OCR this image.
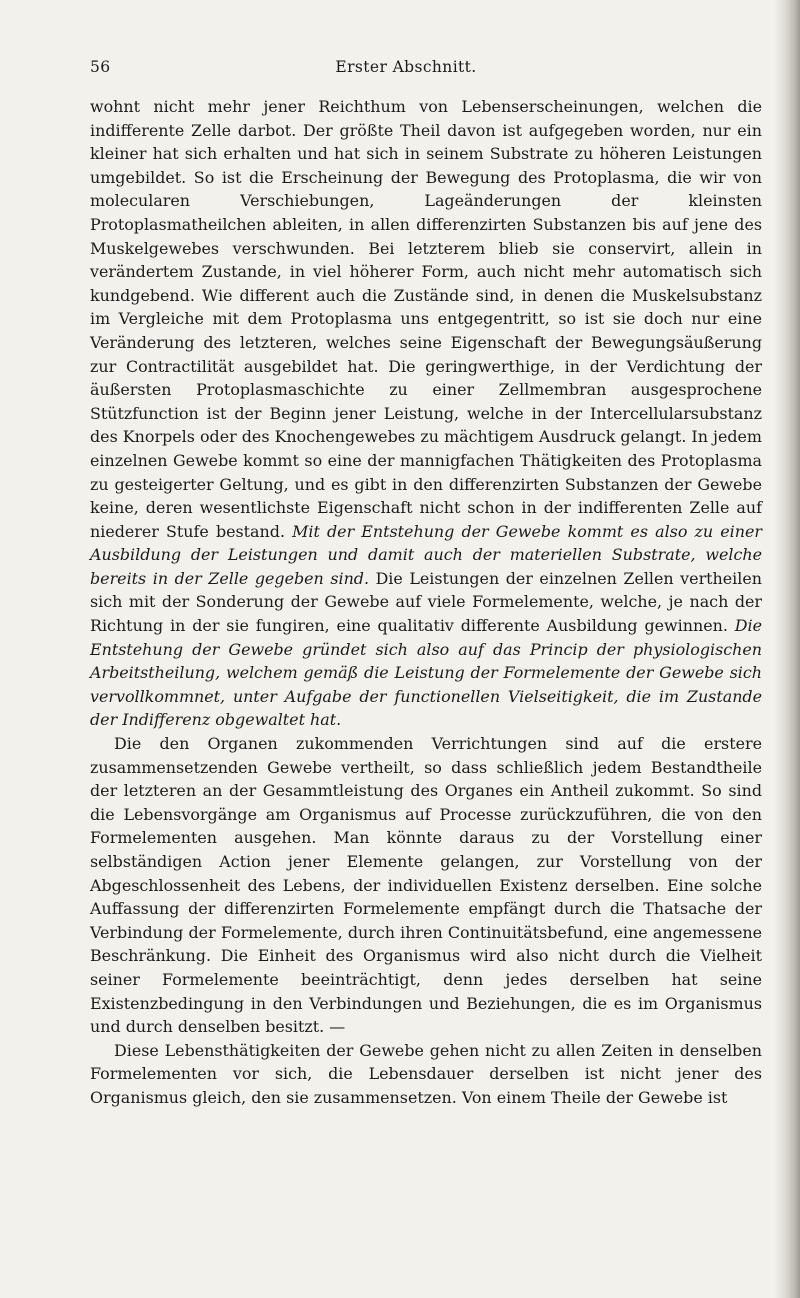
56	Erster Abschnitt.

wohnt nicht mehr jener Reichthum von Lebenserscheinungen, welchen die indifferente Zelle darbot. Der größte Theil davon ist aufgegeben worden, nur ein kleiner hat sich erhalten und hat sich in seinem Substrate zu höheren Leistungen umgebildet. So ist die Erscheinung der Bewegung des Protoplasma, die wir von molecularen Verschiebungen, Lageänderungen der kleinsten Protoplasmatheilchen ableiten, in allen differenzirten Substanzen bis auf jene des Muskelgewebes verschwunden. Bei letzterem blieb sie conservirt, allein in verändertem Zustande, in viel höherer Form, auch nicht mehr automatisch sich kundgebend. Wie different auch die Zustände sind, in denen die Muskelsubstanz im Vergleiche mit dem Protoplasma uns entgegentritt, so ist sie doch nur eine Veränderung des letzteren, welches seine Eigenschaft der Bewegungsäußerung zur Contractilität ausgebildet hat. Die geringwerthige, in der Verdichtung der äußersten Protoplasmaschichte zu einer Zellmembran ausgesprochene Stützfunction ist der Beginn jener Leistung, welche in der Intercellularsubstanz des Knorpels oder des Knochengewebes zu mächtigem Ausdruck gelangt. In jedem einzelnen Gewebe kommt so eine der mannigfachen Thätigkeiten des Protoplasma zu gesteigerter Geltung, und es gibt in den differenzirten Substanzen der Gewebe keine, deren wesentlichste Eigenschaft nicht schon in der indifferenten Zelle auf niederer Stufe bestand. Mit der Entstehung der Gewebe kommt es also zu einer Ausbildung der Leistungen und damit auch der materiellen Substrate, welche bereits in der Zelle gegeben sind. Die Leistungen der einzelnen Zellen vertheilen sich mit der Sonderung der Gewebe auf viele Formelemente, welche, je nach der Richtung in der sie fungiren, eine qualitativ differente Ausbildung gewinnen. Die Entstehung der Gewebe gründet sich also auf das Princip der physiologischen Arbeitstheilung, welchem gemäß die Leistung der Formelemente der Gewebe sich vervollkommnet, unter Aufgabe der functionellen Vielseitigkeit, die im Zustande der Indifferenz obgewaltet hat.

Die den Organen zukommenden Verrichtungen sind auf die erstere zusammensetzenden Gewebe vertheilt, so dass schließlich jedem Bestandtheile der letzteren an der Gesammtleistung des Organes ein Antheil zukommt. So sind die Lebensvorgänge am Organismus auf Processe zurückzuführen, die von den Formelementen ausgehen. Man könnte daraus zu der Vorstellung einer selbständigen Action jener Elemente gelangen, zur Vorstellung von der Abgeschlossenheit des Lebens, der individuellen Existenz derselben. Eine solche Auffassung der differenzirten Formelemente empfängt durch die Thatsache der Verbindung der Formelemente, durch ihren Continuitätsbefund, eine angemessene Beschränkung. Die Einheit des Organismus wird also nicht durch die Vielheit seiner Formelemente beeinträchtigt, denn jedes derselben hat seine Existenzbedingung in den Verbindungen und Beziehungen, die es im Organismus und durch denselben besitzt. —

Diese Lebensthätigkeiten der Gewebe gehen nicht zu allen Zeiten in denselben Formelementen vor sich, die Lebensdauer derselben ist nicht jener des Organismus gleich, den sie zusammensetzen. Von einem Theile der Gewebe ist
